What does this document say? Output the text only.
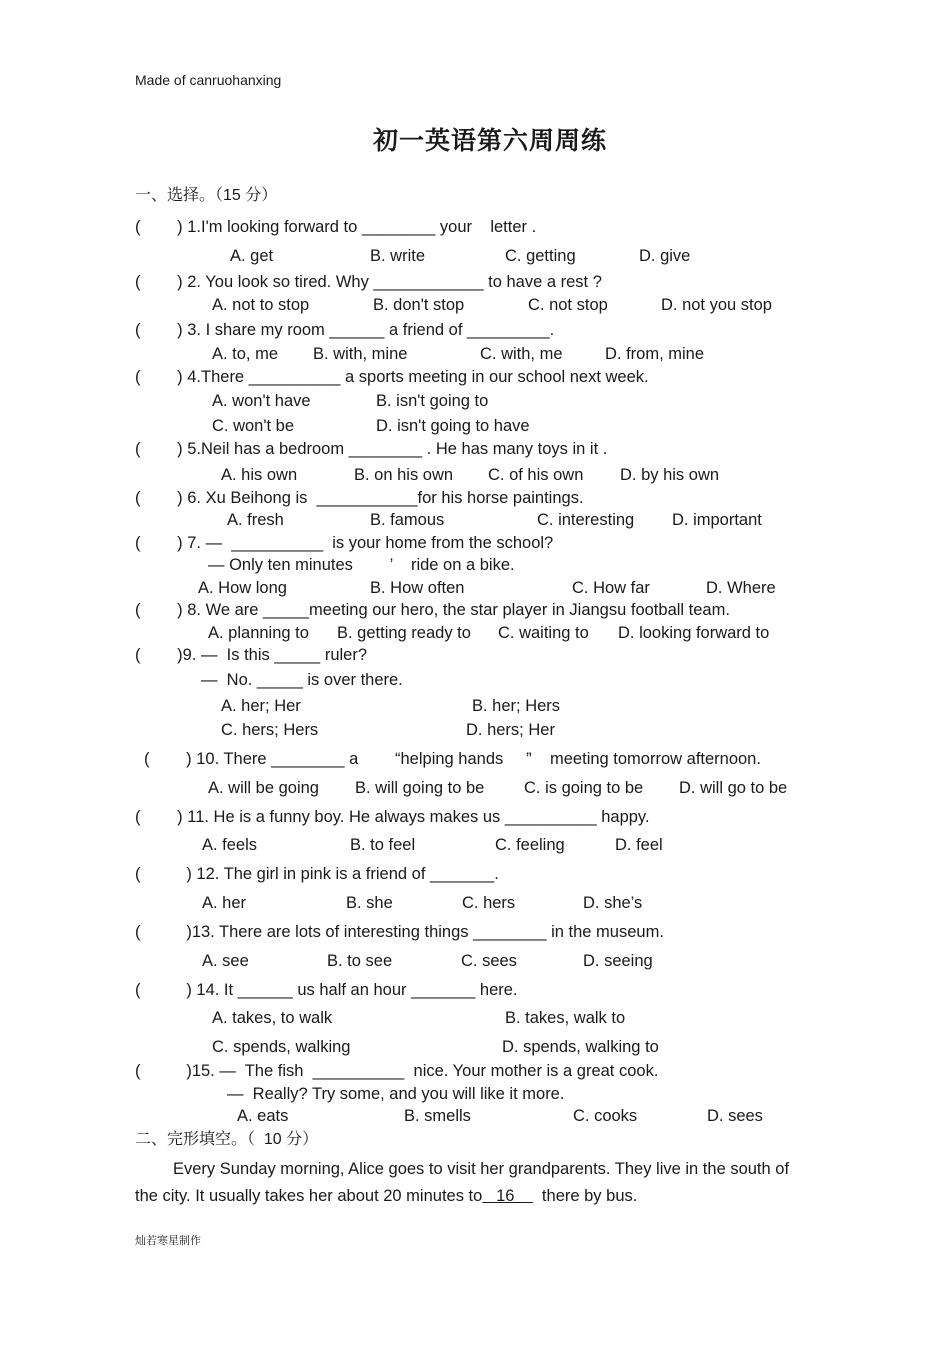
Made of canruohanxing
初一英语第六周周练
一、选择。（15 分）
(        ) 1.I'm looking forward to ________ your    letter .
A. get	B. write	C. getting	D. give
(        ) 2. You look so tired. Why ____________ to have a rest ?
A. not to stop	B. don't stop	C. not stop	D. not you stop
(        ) 3. I share my room ______ a friend of _________.
A. to, me B. with, mine	C. with, me	D. from, mine
(        ) 4.There __________ a sports meeting in our school next week.
A. won't have	B. isn't going to
C. won't be	D. isn't going to have
(        ) 5.Neil has a bedroom ________ . He has many toys in it .
A. his own	B. on his own C. of his own D. by his own
(        ) 6. Xu Beihong is  ___________for his horse paintings.
A. fresh	B. famous	C. interesting D. important
(        ) 7. —  __________  is your home from the school?
— Only ten minutes        ’    ride on a bike.
A. How long	B. How often	C. How far	D. Where
(        ) 8. We are _____meeting our hero, the star player in Jiangsu football team.
A. planning to B. getting ready to C. waiting to D. looking forward to
(        )9. —  Is this _____ ruler?
—  No. _____ is over there.
A. her; Her	B. her; Hers
C. hers; Hers	D. hers; Her
(        ) 10. There ________ a        “helping hands     ”    meeting tomorrow afternoon.
A. will be going B. will going to be C. is going to be D. will go to be
(        ) 11. He is a funny boy. He always makes us __________ happy.
A. feels	B. to feel	C. feeling	D. feel
(          ) 12. The girl in pink is a friend of _______.
A. her	B. she	C. hers	D. she’s
(          )13. There are lots of interesting things ________ in the museum.
A. see	B. to see	C. sees	D. seeing
(          ) 14. It ______ us half an hour _______ here.
A. takes, to walk	B. takes, walk to
C. spends, walking	D. spends, walking to
(          )15. —  The fish  __________  nice. Your mother is a great cook.
—  Really? Try some, and you will like it more.
A. eats	B. smells	C. cooks	D. sees
二、完形填空。（  10 分）
Every Sunday morning, Alice goes to visit her grandparents. They live in the south of
the city. It usually takes her about 20 minutes to   16      there by bus.
灿若寒星制作
